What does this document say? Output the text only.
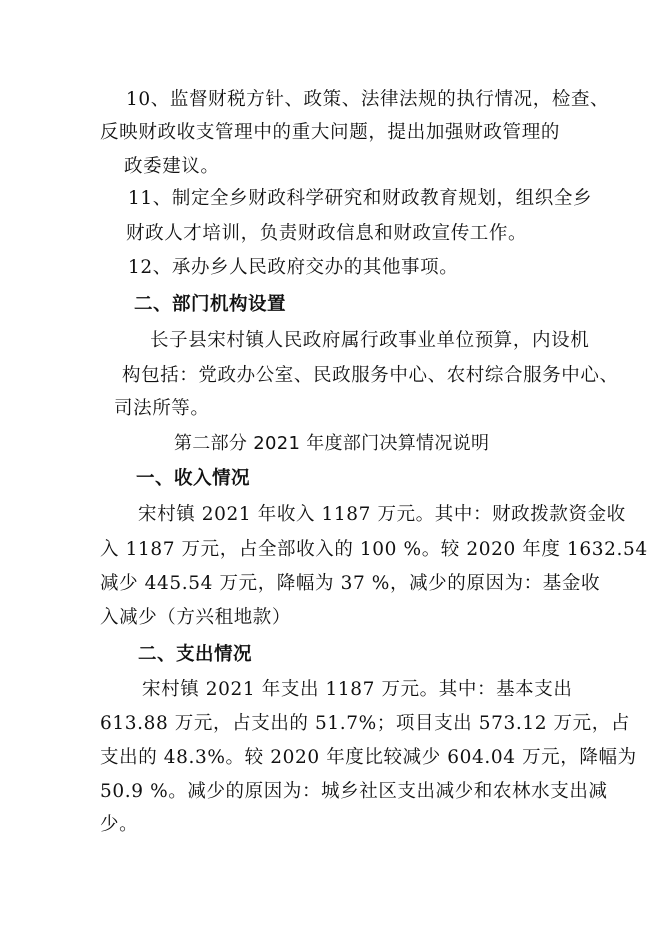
10、监督财税方针、政策、法律法规的执行情况，检查、
反映财政收支管理中的重大问题，提出加强财政管理的
政委建议。
11、制定全乡财政科学研究和财政教育规划，组织全乡
财政人才培训，负责财政信息和财政宣传工作。
12、承办乡人民政府交办的其他事项。
二、部门机构设置
长子县宋村镇人民政府属行政事业单位预算，内设机
构包括：党政办公室、民政服务中心、农村综合服务中心、
司法所等。
第二部分 2021 年度部门决算情况说明
一、收入情况
宋村镇 2021 年收入 1187 万元。其中：财政拨款资金收
入 1187 万元，占全部收入的 100 %。较 2020 年度 1632.54
减少 445.54 万元，降幅为 37 %，减少的原因为：基金收
入减少（方兴租地款）
二、支出情况
宋村镇 2021 年支出 1187 万元。其中：基本支出
613.88 万元，占支出的 51.7%；项目支出 573.12 万元，占
支出的 48.3%。较 2020 年度比较减少 604.04 万元，降幅为
50.9 %。减少的原因为：城乡社区支出减少和农林水支出减
少。
